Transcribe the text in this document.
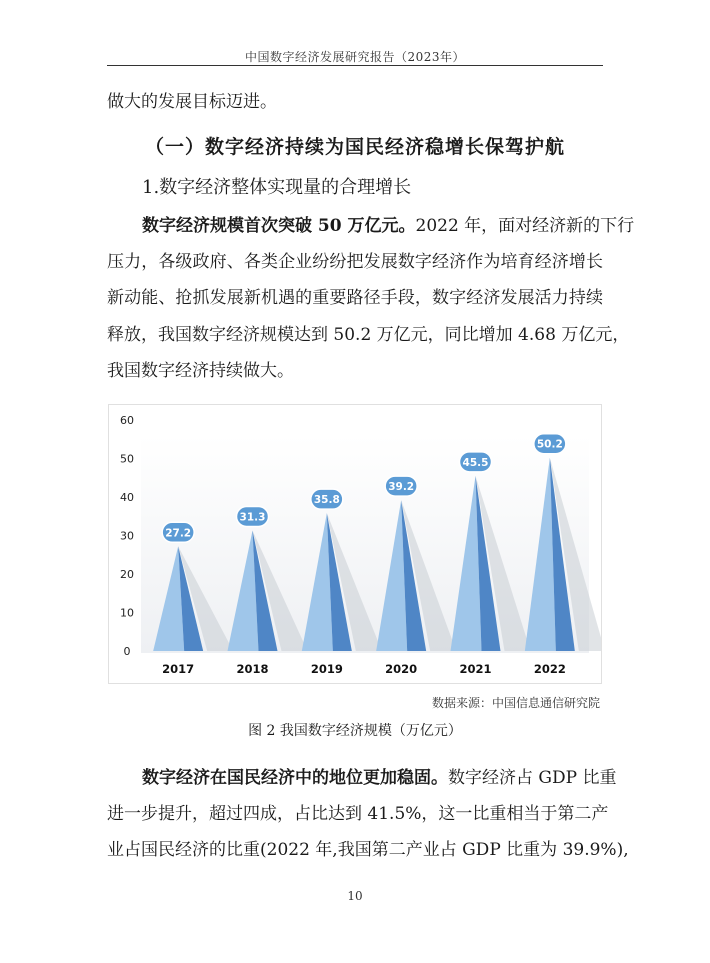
中国数字经济发展研究报告（2023年）
做大的发展目标迈进。
（一）数字经济持续为国民经济稳增长保驾护航
1.数字经济整体实现量的合理增长
数字经济规模首次突破 50 万亿元。2022 年，面对经济新的下行
压力，各级政府、各类企业纷纷把发展数字经济作为培育经济增长
新动能、抢抓发展新机遇的重要路径手段，数字经济发展活力持续
释放，我国数字经济规模达到 50.2 万亿元，同比增加 4.68 万亿元，
我国数字经济持续做大。
0
10
20
30
40
50
60
27.2
2017
31.3
2018
35.8
2019
39.2
2020
45.5
2021
50.2
2022
数据来源：中国信息通信研究院
图 2 我国数字经济规模（万亿元）
数字经济在国民经济中的地位更加稳固。数字经济占 GDP 比重
进一步提升，超过四成，占比达到 41.5%，这一比重相当于第二产
业占国民经济的比重(2022 年,我国第二产业占 GDP 比重为 39.9%),
10
